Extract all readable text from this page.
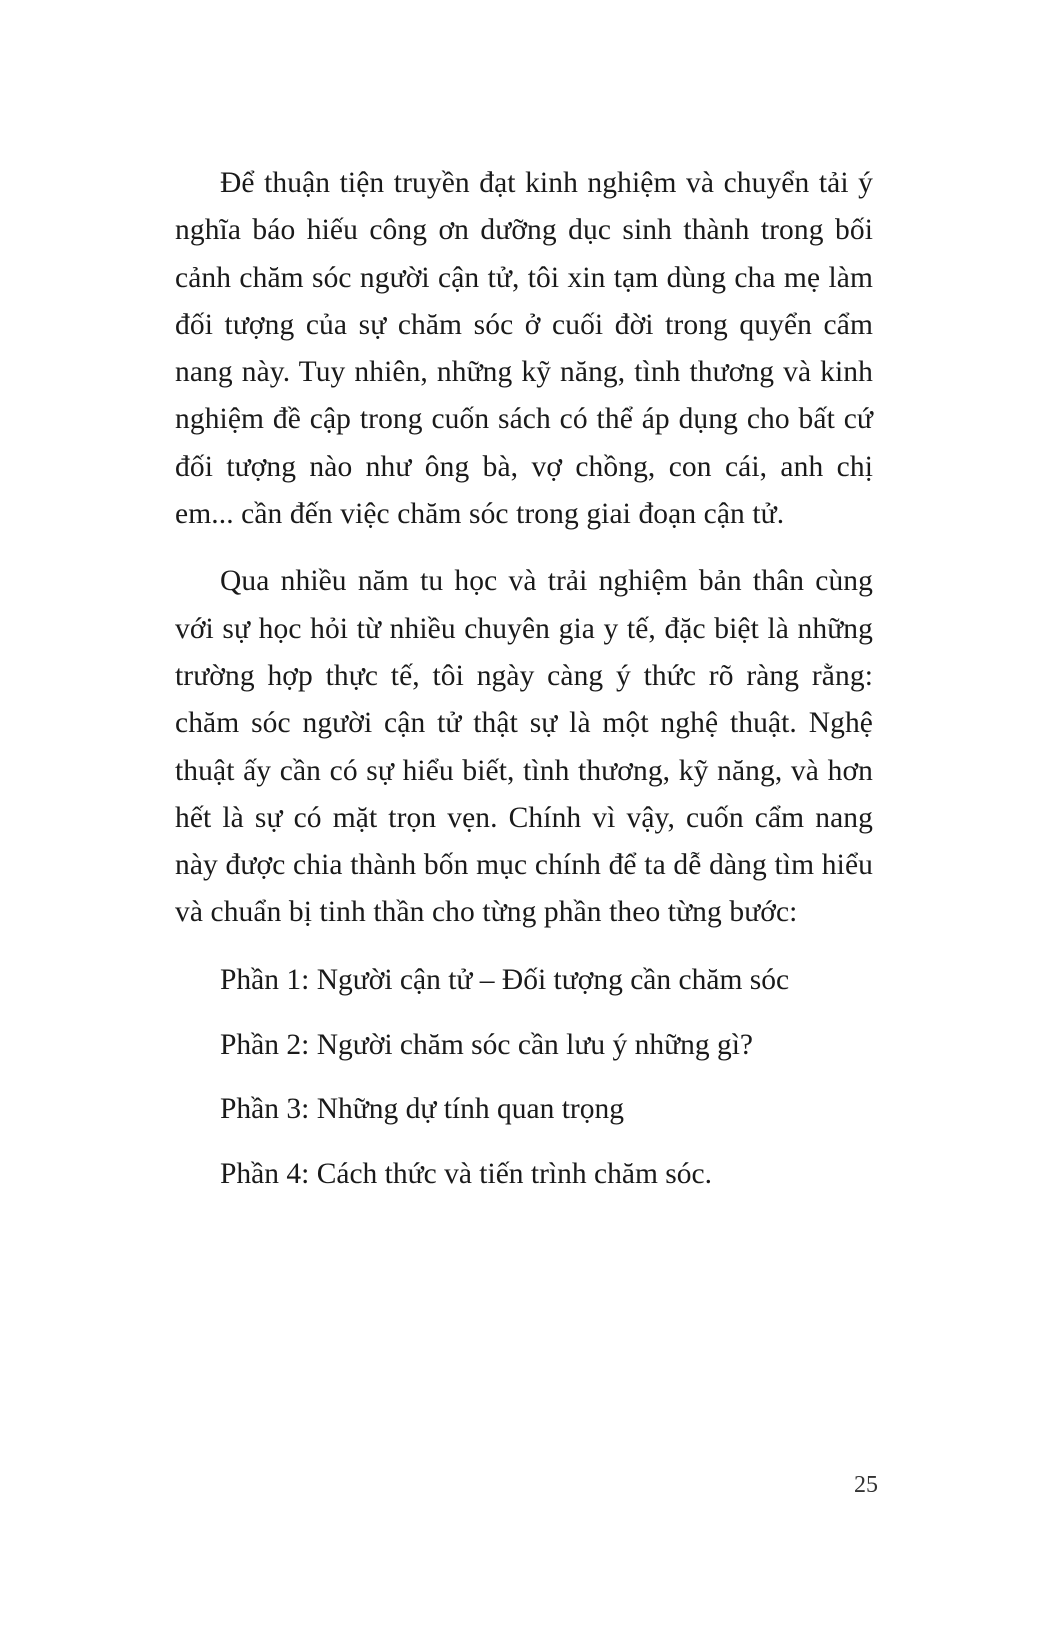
Để thuận tiện truyền đạt kinh nghiệm và chuyển tải ý nghĩa báo hiếu công ơn dưỡng dục sinh thành trong bối cảnh chăm sóc người cận tử, tôi xin tạm dùng cha mẹ làm đối tượng của sự chăm sóc ở cuối đời trong quyển cẩm nang này. Tuy nhiên, những kỹ năng, tình thương và kinh nghiệm đề cập trong cuốn sách có thể áp dụng cho bất cứ đối tượng nào như ông bà, vợ chồng, con cái, anh chị em... cần đến việc chăm sóc trong giai đoạn cận tử.

Qua nhiều năm tu học và trải nghiệm bản thân cùng với sự học hỏi từ nhiều chuyên gia y tế, đặc biệt là những trường hợp thực tế, tôi ngày càng ý thức rõ ràng rằng: chăm sóc người cận tử thật sự là một nghệ thuật. Nghệ thuật ấy cần có sự hiểu biết, tình thương, kỹ năng, và hơn hết là sự có mặt trọn vẹn. Chính vì vậy, cuốn cẩm nang này được chia thành bốn mục chính để ta dễ dàng tìm hiểu và chuẩn bị tinh thần cho từng phần theo từng bước:

Phần 1: Người cận tử – Đối tượng cần chăm sóc
Phần 2: Người chăm sóc cần lưu ý những gì?
Phần 3: Những dự tính quan trọng
Phần 4: Cách thức và tiến trình chăm sóc.
25
